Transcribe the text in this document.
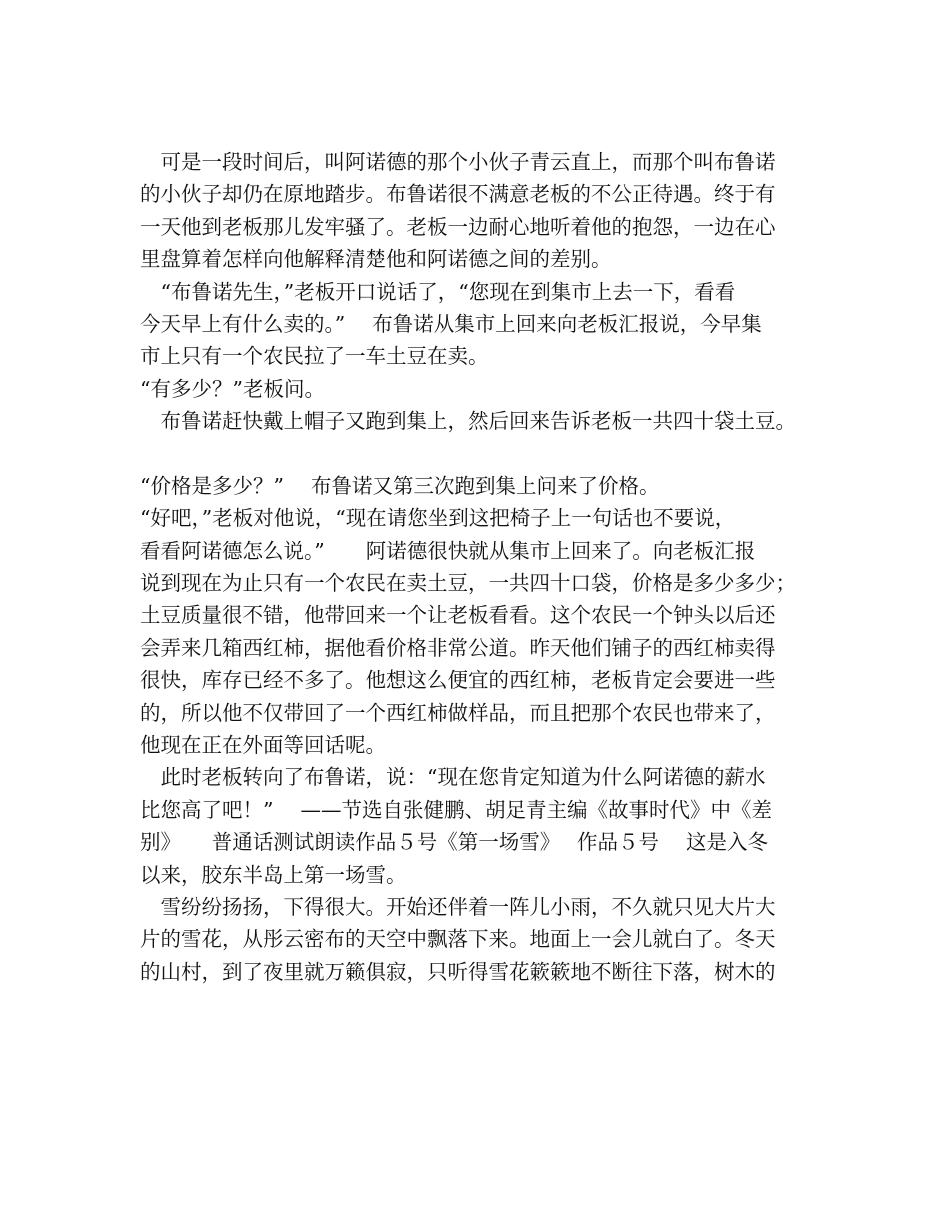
　可是一段时间后，叫阿诺德的那个小伙子青云直上，而那个叫布鲁诺
的小伙子却仍在原地踏步。布鲁诺很不满意老板的不公正待遇。终于有
一天他到老板那儿发牢骚了。老板一边耐心地听着他的抱怨，一边在心
里盘算着怎样向他解释清楚他和阿诺德之间的差别。
　“布鲁诺先生，”老板开口说话了，“您现在到集市上去一下，看看
今天早上有什么卖的。”　 布鲁诺从集市上回来向老板汇报说，今早集
市上只有一个农民拉了一车土豆在卖。
“有多少？”老板问。
　布鲁诺赶快戴上帽子又跑到集上，然后回来告诉老板一共四十袋土豆。
“价格是多少？”　 布鲁诺又第三次跑到集上问来了价格。
“好吧，”老板对他说，“现在请您坐到这把椅子上一句话也不要说，
看看阿诺德怎么说。”　　阿诺德很快就从集市上回来了。向老板汇报
说到现在为止只有一个农民在卖土豆，一共四十口袋，价格是多少多少；
土豆质量很不错，他带回来一个让老板看看。这个农民一个钟头以后还
会弄来几箱西红柿，据他看价格非常公道。昨天他们铺子的西红柿卖得
很快，库存已经不多了。他想这么便宜的西红柿，老板肯定会要进一些
的，所以他不仅带回了一个西红柿做样品，而且把那个农民也带来了，
他现在正在外面等回话呢。
　此时老板转向了布鲁诺，说：“现在您肯定知道为什么阿诺德的薪水
比您高了吧！”　 ——节选自张健鹏、胡足青主编《故事时代》中《差
别》　　普通话测试朗读作品５号《第一场雪》　 作品５号　 这是入冬
以来，胶东半岛上第一场雪。
　雪纷纷扬扬，下得很大。开始还伴着一阵儿小雨，不久就只见大片大
片的雪花，从彤云密布的天空中飘落下来。地面上一会儿就白了。冬天
的山村，到了夜里就万籁俱寂，只听得雪花簌簌地不断往下落，树木的
